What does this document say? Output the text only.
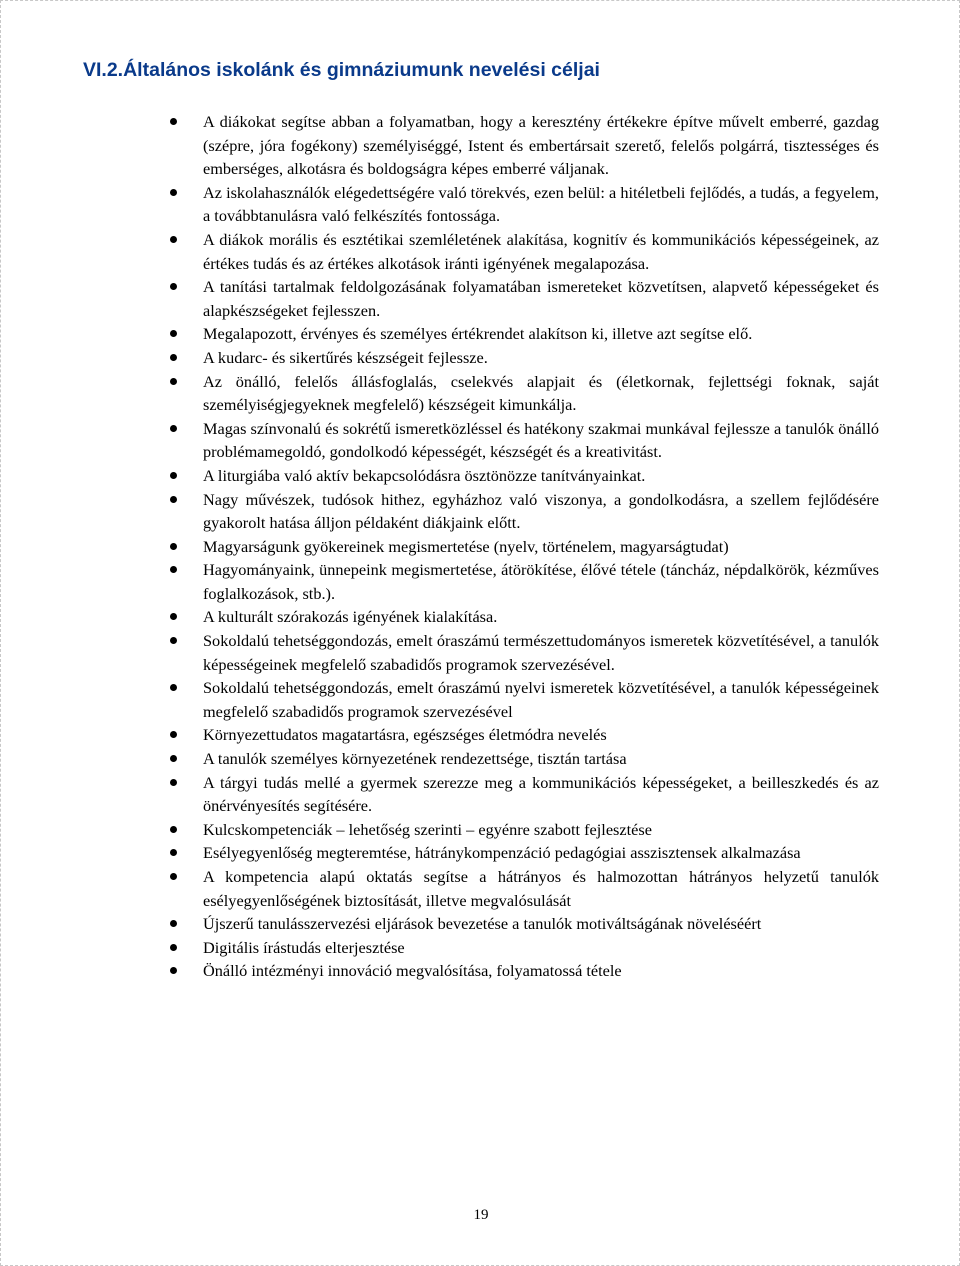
VI.2.Általános iskolánk és gimnáziumunk nevelési céljai
A diákokat segítse abban a folyamatban, hogy a keresztény értékekre építve művelt emberré, gazdag (szépre, jóra fogékony) személyiséggé, Istent és embertársait szerető, felelős polgárrá, tisztességes és emberséges, alkotásra és boldogságra képes emberré váljanak.
Az iskolahasználók elégedettségére való törekvés, ezen belül: a hitéletbeli fejlődés, a tudás, a fegyelem, a továbbtanulásra való felkészítés fontossága.
A diákok morális és esztétikai szemléletének alakítása, kognitív és kommunikációs képességeinek, az értékes tudás és az értékes alkotások iránti igényének megalapozása.
A tanítási tartalmak feldolgozásának folyamatában ismereteket közvetítsen, alapvető képességeket és alapkészségeket fejlesszen.
Megalapozott, érvényes és személyes értékrendet alakítson ki, illetve azt segítse elő.
A kudarc- és sikertűrés készségeit fejlessze.
Az önálló, felelős állásfoglalás, cselekvés alapjait és (életkornak, fejlettségi foknak, saját személyiségjegyeknek megfelelő) készségeit kimunkálja.
Magas színvonalú és sokrétű ismeretközléssel és hatékony szakmai munkával fejlessze a tanulók önálló problémamegoldó, gondolkodó képességét, készségét és a kreativitást.
A liturgiába való aktív bekapcsolódásra ösztönözze tanítványainkat.
Nagy művészek, tudósok hithez, egyházhoz való viszonya, a gondolkodásra, a szellem fejlődésére gyakorolt hatása álljon példaként diákjaink előtt.
Magyarságunk gyökereinek megismertetése (nyelv, történelem, magyarságtudat)
Hagyományaink, ünnepeink megismertetése, átörökítése, élővé tétele (táncház, népdalkörök, kézműves foglalkozások, stb.).
A kulturált szórakozás igényének kialakítása.
Sokoldalú tehetséggondozás, emelt óraszámú természettudományos ismeretek közvetítésével, a tanulók képességeinek megfelelő szabadidős programok szervezésével.
Sokoldalú tehetséggondozás, emelt óraszámú nyelvi ismeretek közvetítésével, a tanulók képességeinek megfelelő szabadidős programok szervezésével
Környezettudatos magatartásra, egészséges életmódra nevelés
A tanulók személyes környezetének rendezettsége, tisztán tartása
A tárgyi tudás mellé a gyermek szerezze meg a kommunikációs képességeket, a beilleszkedés és az önérvényesítés segítésére.
Kulcskompetenciák – lehetőség szerinti – egyénre szabott fejlesztése
Esélyegyenlőség megteremtése, hátránykompenzáció pedagógiai asszisztensek alkalmazása
A kompetencia alapú oktatás segítse a hátrányos és halmozottan hátrányos helyzetű tanulók esélyegyenlőségének biztosítását, illetve megvalósulását
Újszerű tanulásszervezési eljárások bevezetése a tanulók motiváltságának növeléséért
Digitális írástudás elterjesztése
Önálló intézményi innováció megvalósítása, folyamatossá tétele

19
